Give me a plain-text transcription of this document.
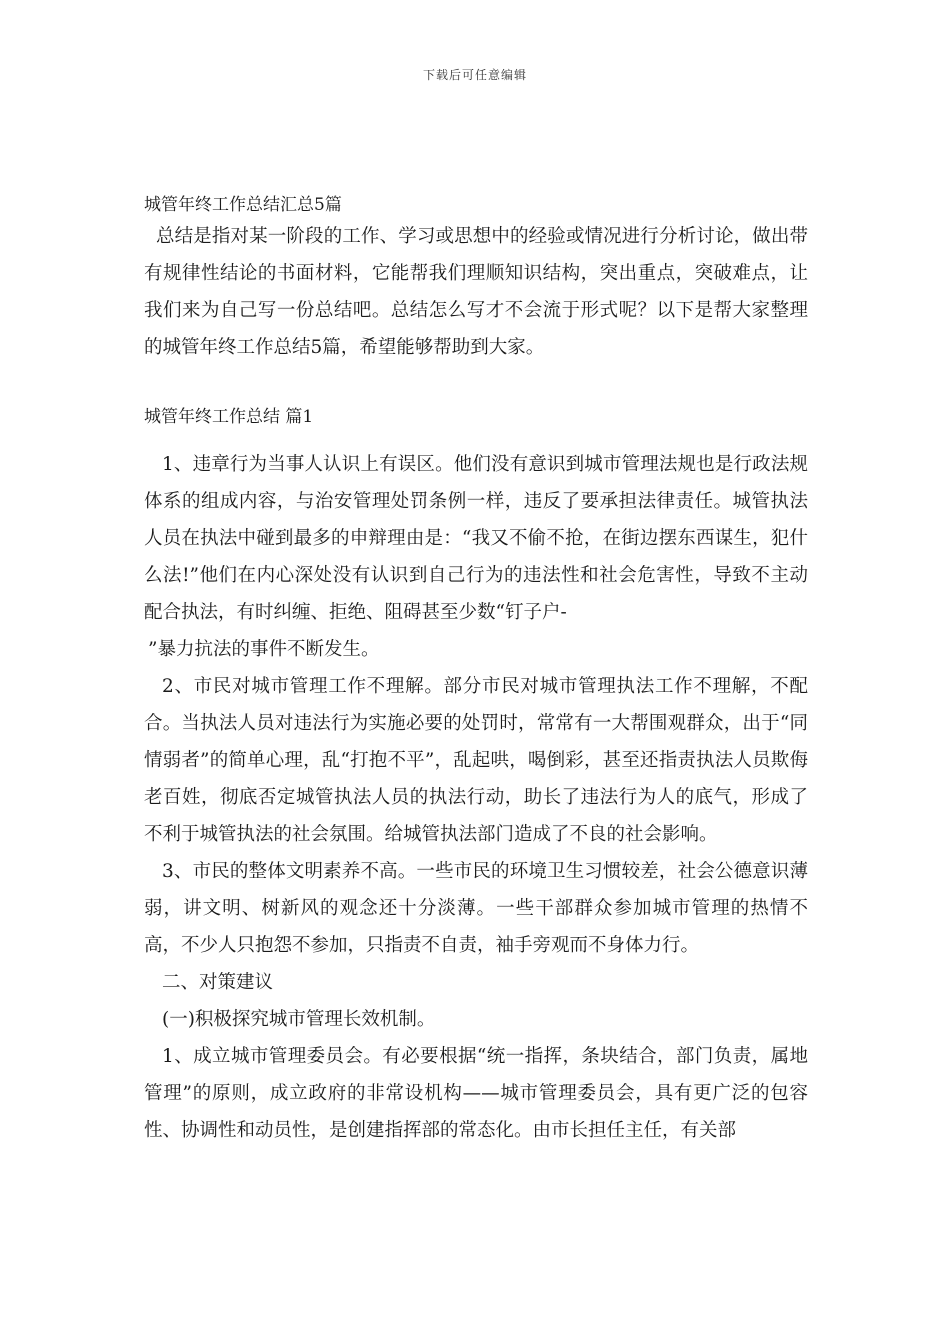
下载后可任意编辑
城管年终工作总结汇总5篇

总结是指对某一阶段的工作、学习或思想中的经验或情况进行分析讨论，做出带有规律性结论的书面材料，它能帮我们理顺知识结构，突出重点，突破难点，让我们来为自己写一份总结吧。总结怎么写才不会流于形式呢？以下是帮大家整理的城管年终工作总结5篇，希望能够帮助到大家。

城管年终工作总结 篇1

1、违章行为当事人认识上有误区。他们没有意识到城市管理法规也是行政法规体系的组成内容，与治安管理处罚条例一样，违反了要承担法律责任。城管执法人员在执法中碰到最多的申辩理由是：“我又不偷不抢，在街边摆东西谋生，犯什么法!”他们在内心深处没有认识到自己行为的违法性和社会危害性，导致不主动配合执法，有时纠缠、拒绝、阻碍甚至少数“钉子户-

”暴力抗法的事件不断发生。

2、市民对城市管理工作不理解。部分市民对城市管理执法工作不理解，不配合。当执法人员对违法行为实施必要的处罚时，常常有一大帮围观群众，出于“同情弱者”的简单心理，乱“打抱不平”，乱起哄，喝倒彩，甚至还指责执法人员欺侮老百姓，彻底否定城管执法人员的执法行动，助长了违法行为人的底气，形成了不利于城管执法的社会氛围。给城管执法部门造成了不良的社会影响。

3、市民的整体文明素养不高。一些市民的环境卫生习惯较差，社会公德意识薄弱，讲文明、树新风的观念还十分淡薄。一些干部群众参加城市管理的热情不高，不少人只抱怨不参加，只指责不自责，袖手旁观而不身体力行。

二、对策建议

(一)积极探究城市管理长效机制。

1、成立城市管理委员会。有必要根据“统一指挥，条块结合，部门负责，属地管理”的原则，成立政府的非常设机构——城市管理委员会，具有更广泛的包容性、协调性和动员性，是创建指挥部的常态化。由市长担任主任，有关部
